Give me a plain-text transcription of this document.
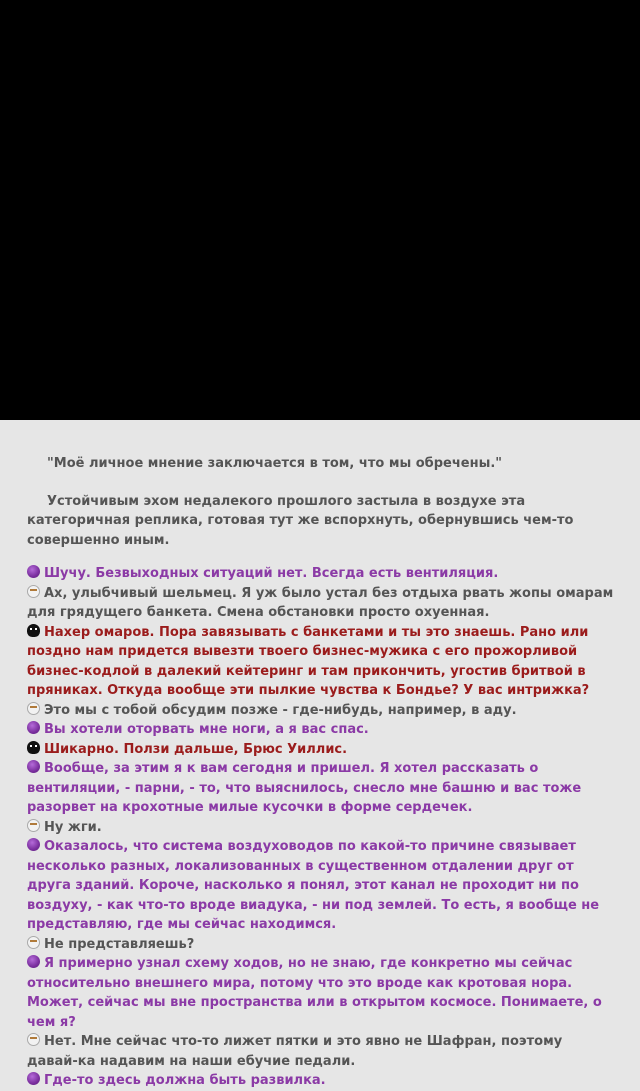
"Моё личное мнение заключается в том, что мы обречены."

Устойчивым эхом недалекого прошлого застыла в воздухе эта категоричная реплика, готовая тут же вспорхнуть, обернувшись чем-то совершенно иным.

Шучу. Безвыходных ситуаций нет. Всегда есть вентиляция.

Ах, улыбчивый шельмец. Я уж было устал без отдыха рвать жопы омарам для грядущего банкета. Смена обстановки просто охуенная.

Нахер омаров. Пора завязывать с банкетами и ты это знаешь. Рано или поздно нам придется вывезти твоего бизнес-мужика с его прожорливой бизнес-кодлой в далекий кейтеринг и там прикончить, угостив бритвой в пряниках. Откуда вообще эти пылкие чувства к Бондье? У вас интрижка?

Это мы с тобой обсудим позже - где-нибудь, например, в аду.

Вы хотели оторвать мне ноги, а я вас спас.

Шикарно. Ползи дальше, Брюс Уиллис.

Вообще, за этим я к вам сегодня и пришел. Я хотел рассказать о вентиляции, - парни, - то, что выяснилось, снесло мне башню и вас тоже разорвет на крохотные милые кусочки в форме сердечек.

Ну жги.

Оказалось, что система воздуховодов по какой-то причине связывает несколько разных, локализованных в существенном отдалении друг от друга зданий. Короче, насколько я понял, этот канал не проходит ни по воздуху, - как что-то вроде виадука, - ни под землей. То есть, я вообще не представляю, где мы сейчас находимся.

Не представляешь?

Я примерно узнал схему ходов, но не знаю, где конкретно мы сейчас относительно внешнего мира, потому что это вроде как кротовая нора. Может, сейчас мы вне пространства или в открытом космосе. Понимаете, о чем я?

Нет. Мне сейчас что-то лижет пятки и это явно не Шафран, поэтому давай-ка надавим на наши ебучие педали.

Где-то здесь должна быть развилка.
